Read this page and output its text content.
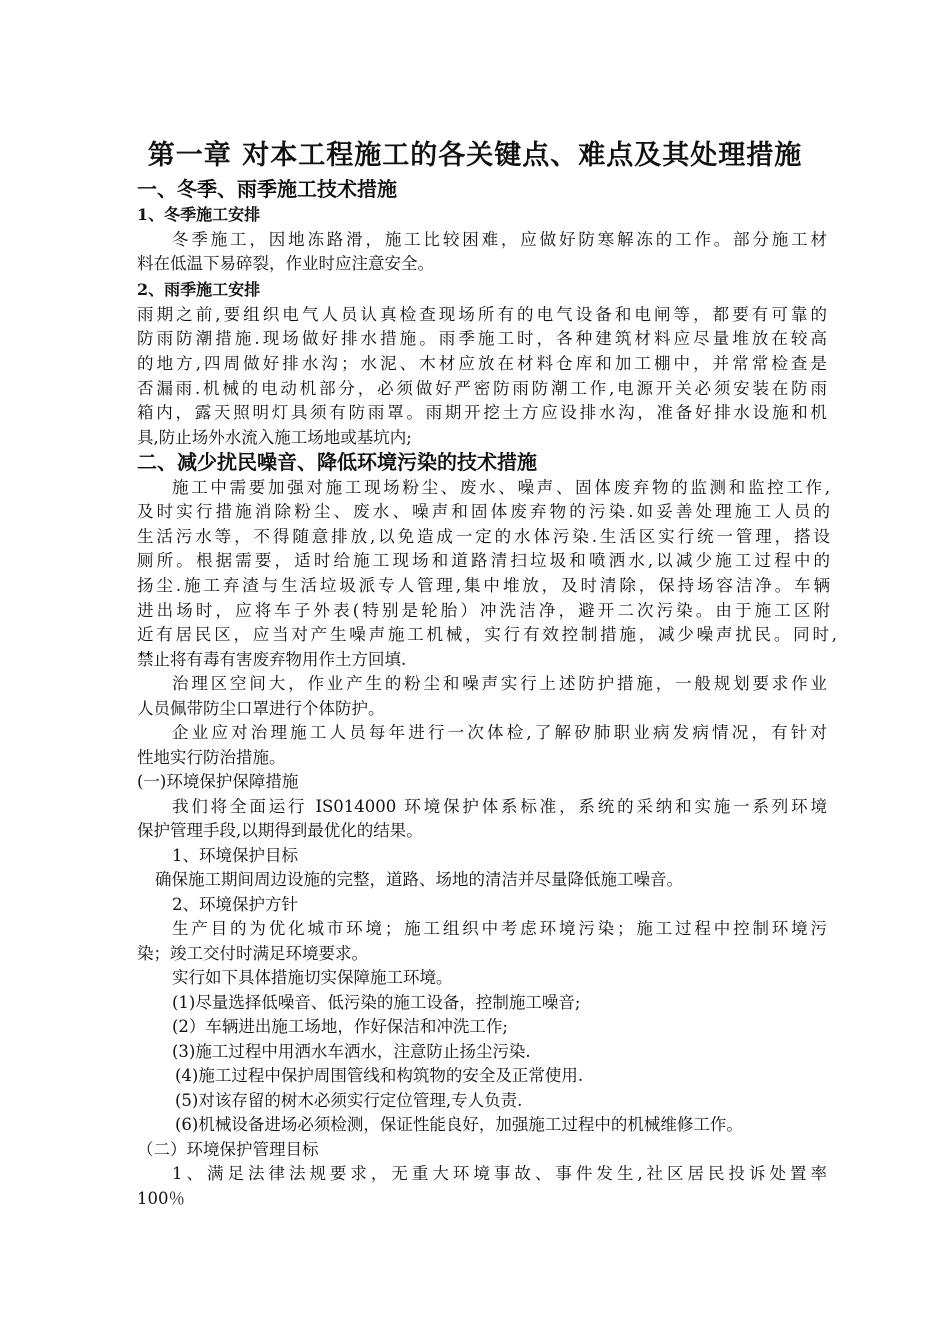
第一章 对本工程施工的各关键点、难点及其处理措施
一、冬季、雨季施工技术措施
1、冬季施工安排
冬季施工，因地冻路滑，施工比较困难，应做好防寒解冻的工作。部分施工材
料在低温下易碎裂，作业时应注意安全。
2、雨季施工安排
雨期之前,要组织电气人员认真检查现场所有的电气设备和电闸等，都要有可靠的
防雨防潮措施.现场做好排水措施。雨季施工时，各种建筑材料应尽量堆放在较高
的地方,四周做好排水沟；水泥、木材应放在材料仓库和加工棚中，并常常检查是
否漏雨.机械的电动机部分，必须做好严密防雨防潮工作,电源开关必须安装在防雨
箱内，露天照明灯具须有防雨罩。雨期开挖土方应设排水沟，准备好排水设施和机
具,防止场外水流入施工场地或基坑内;
二、减少扰民噪音、降低环境污染的技术措施
施工中需要加强对施工现场粉尘、废水、噪声、固体废弃物的监测和监控工作,
及时实行措施消除粉尘、废水、噪声和固体废弃物的污染.如妥善处理施工人员的
生活污水等，不得随意排放,以免造成一定的水体污染.生活区实行统一管理，搭设
厕所。根据需要，适时给施工现场和道路清扫垃圾和喷洒水,以减少施工过程中的
扬尘.施工弃渣与生活垃圾派专人管理,集中堆放，及时清除，保持场容洁净。车辆
进出场时，应将车子外表(特别是轮胎）冲洗洁净，避开二次污染。由于施工区附
近有居民区，应当对产生噪声施工机械，实行有效控制措施，减少噪声扰民。同时,
禁止将有毒有害废弃物用作土方回填.
治理区空间大，作业产生的粉尘和噪声实行上述防护措施，一般规划要求作业
人员佩带防尘口罩进行个体防护。
企业应对治理施工人员每年进行一次体检,了解矽肺职业病发病情况，有针对
性地实行防治措施。
(一)环境保护保障措施
我们将全面运行 IS014000 环境保护体系标准，系统的采纳和实施一系列环境
保护管理手段,以期得到最优化的结果。
1、环境保护目标
确保施工期间周边设施的完整，道路、场地的清洁并尽量降低施工噪音。
2、环境保护方针
生产目的为优化城市环境；施工组织中考虑环境污染；施工过程中控制环境污
染；竣工交付时满足环境要求。
实行如下具体措施切实保障施工环境。
(1)尽量选择低噪音、低污染的施工设备，控制施工噪音;
(2）车辆进出施工场地，作好保洁和冲洗工作;
(3)施工过程中用洒水车洒水，注意防止扬尘污染.
(4)施工过程中保护周围管线和构筑物的安全及正常使用.
(5)对该存留的树木必须实行定位管理,专人负责.
(6)机械设备进场必须检测，保证性能良好，加强施工过程中的机械维修工作。
（二）环境保护管理目标
1、满足法律法规要求，无重大环境事故、事件发生,社区居民投诉处置率
100％
